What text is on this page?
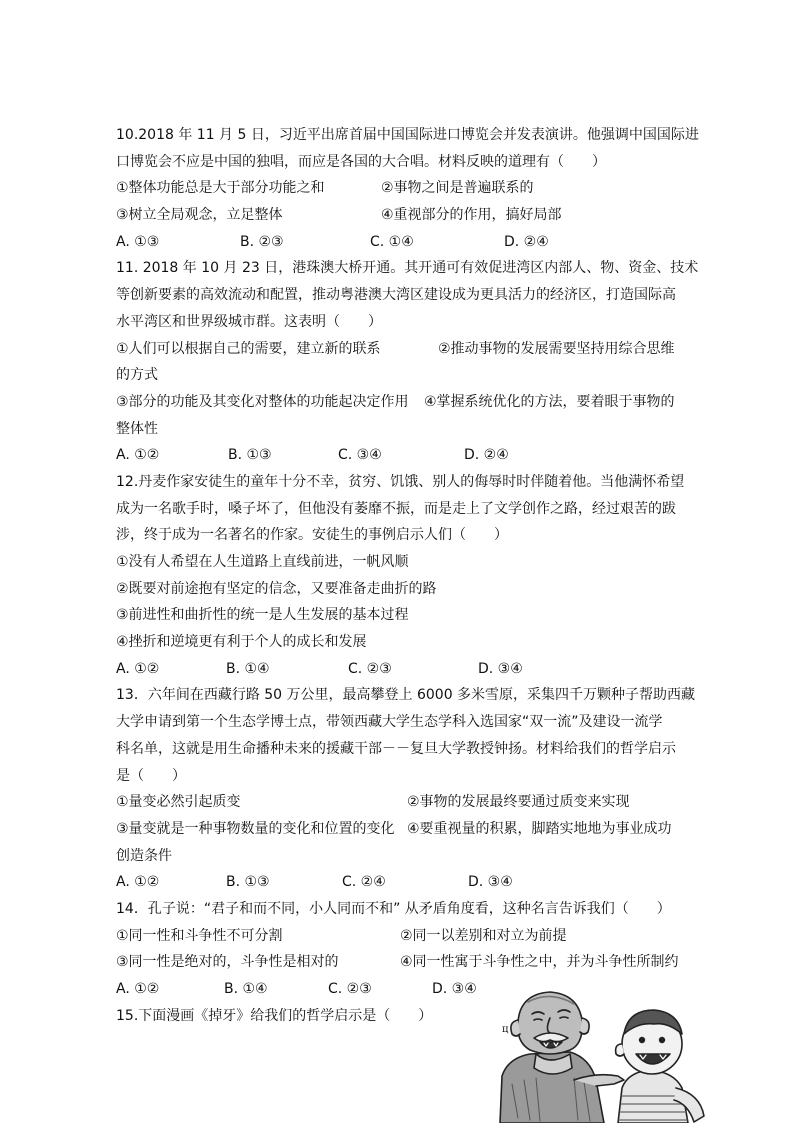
10.2018 年 11 月 5 日，习近平出席首届中国国际进口博览会并发表演讲。他强调中国国际进
口博览会不应是中国的独唱，而应是各国的大合唱。材料反映的道理有（　　）
①整体功能总是大于部分功能之和	②事物之间是普遍联系的
③树立全局观念，立足整体	④重视部分的作用，搞好局部
A. ①③	B. ②③	C. ①④	D. ②④
11. 2018 年 10 月 23 日，港珠澳大桥开通。其开通可有效促进湾区内部人、物、资金、技术
等创新要素的高效流动和配置，推动粤港澳大湾区建设成为更具活力的经济区，打造国际高
水平湾区和世界级城市群。这表明（　　）
①人们可以根据自己的需要，建立新的联系	②推动事物的发展需要坚持用综合思维
的方式
③部分的功能及其变化对整体的功能起决定作用	④掌握系统优化的方法，要着眼于事物的
整体性
A. ①②	B. ①③	C. ③④	D. ②④
12.丹麦作家安徒生的童年十分不幸，贫穷、饥饿、别人的侮辱时时伴随着他。当他满怀希望
成为一名歌手时，嗓子坏了，但他没有萎靡不振，而是走上了文学创作之路，经过艰苦的跋
涉，终于成为一名著名的作家。安徒生的事例启示人们（　　）
①没有人希望在人生道路上直线前进，一帆风顺
②既要对前途抱有坚定的信念，又要准备走曲折的路
③前进性和曲折性的统一是人生发展的基本过程
④挫折和逆境更有利于个人的成长和发展
A. ①②	B. ①④	C. ②③	D. ③④
13．六年间在西藏行路 50 万公里，最高攀登上 6000 多米雪原，采集四千万颗种子帮助西藏
大学申请到第一个生态学博士点，带领西藏大学生态学科入选国家“双一流”及建设一流学
科名单，这就是用生命播种未来的援藏干部－－复旦大学教授钟扬。材料给我们的哲学启示
是（　　）
①量变必然引起质变	②事物的发展最终要通过质变来实现
③量变就是一种事物数量的变化和位置的变化 ④要重视量的积累，脚踏实地地为事业成功
创造条件
A. ①②	B. ①③	C. ②④	D. ③④
14．孔子说：“君子和而不同，小人同而不和” 从矛盾角度看，这种名言告诉我们（　　）
①同一性和斗争性不可分割	②同一以差别和对立为前提
③同一性是绝对的，斗争性是相对的	④同一性寓于斗争性之中，并为斗争性所制约
A. ①②	B. ①④	C. ②③	D. ③④
15.下面漫画《掉牙》给我们的哲学启示是（　　）
ц
